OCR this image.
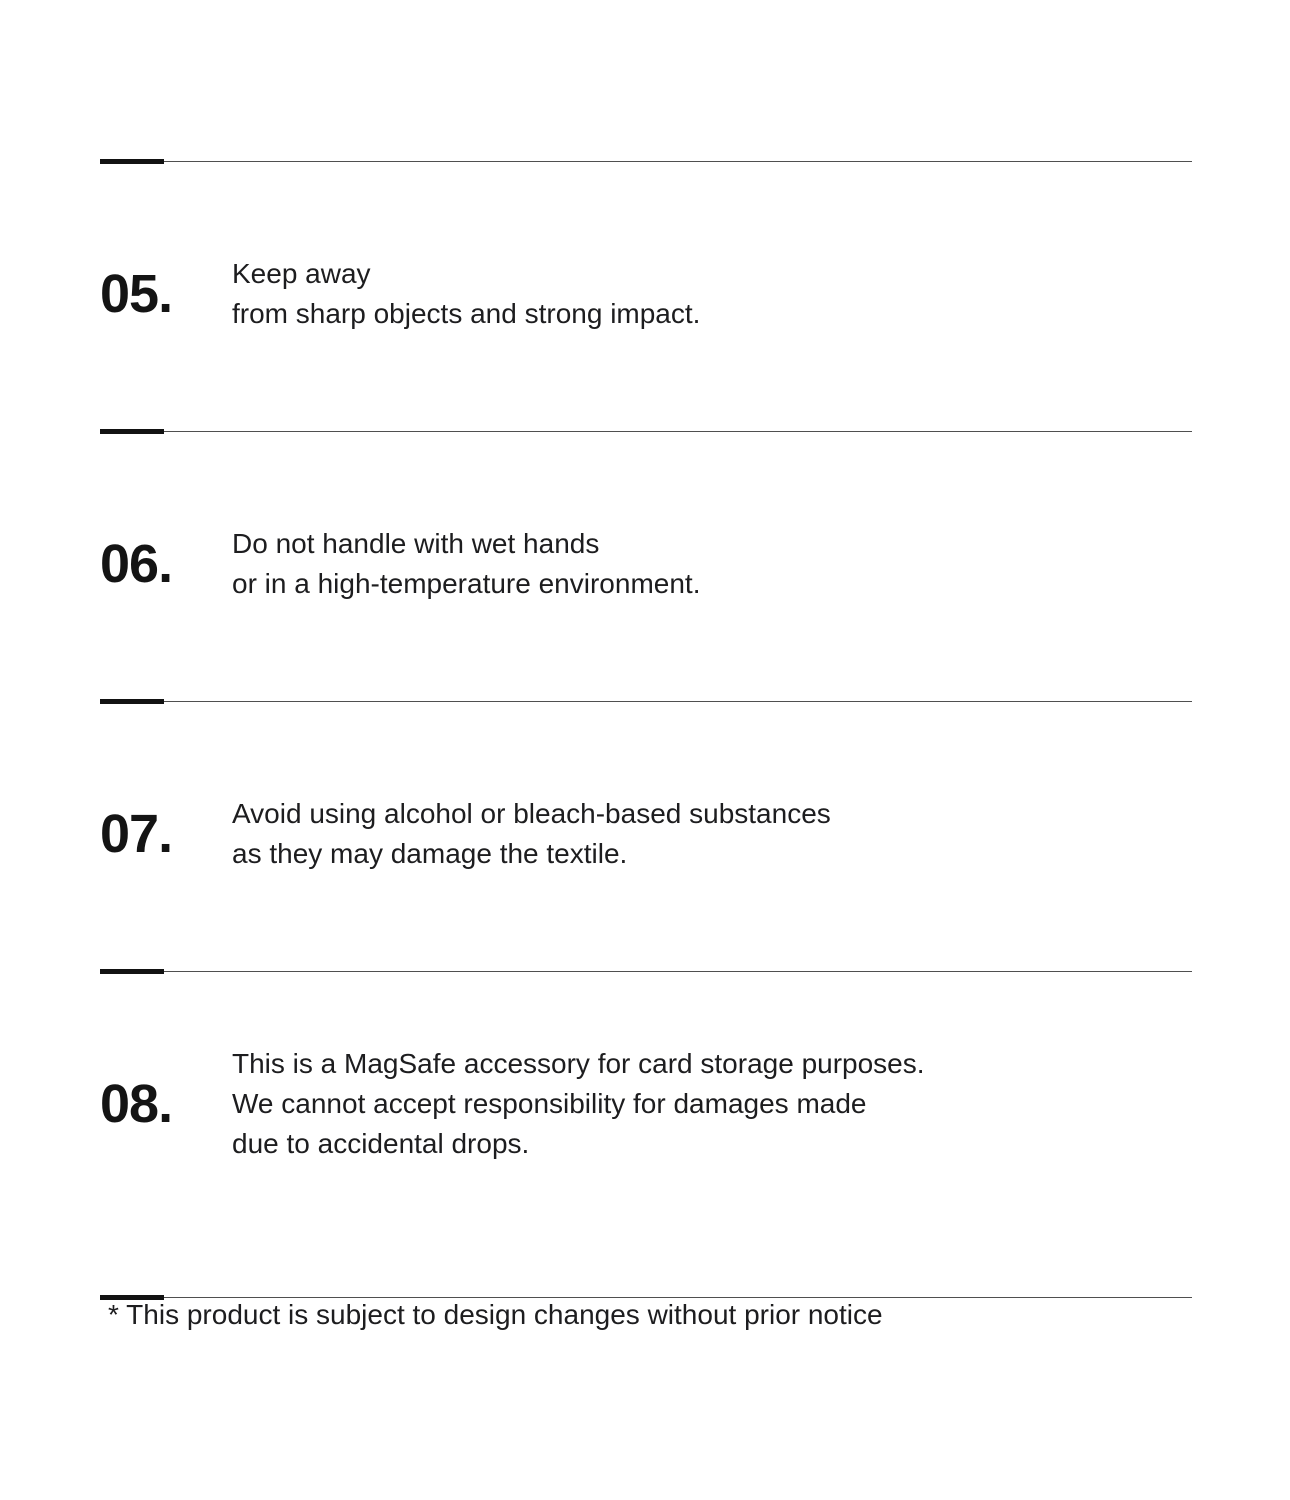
05.	Keep away
from sharp objects and strong impact.
06.	Do not handle with wet hands
or in a high-temperature environment.
07.	Avoid using alcohol or bleach-based substances
as they may damage the textile.
08.
This is a MagSafe accessory for card storage purposes.
We cannot accept responsibility for damages made
due to accidental drops.
* This product is subject to design changes without prior notice
